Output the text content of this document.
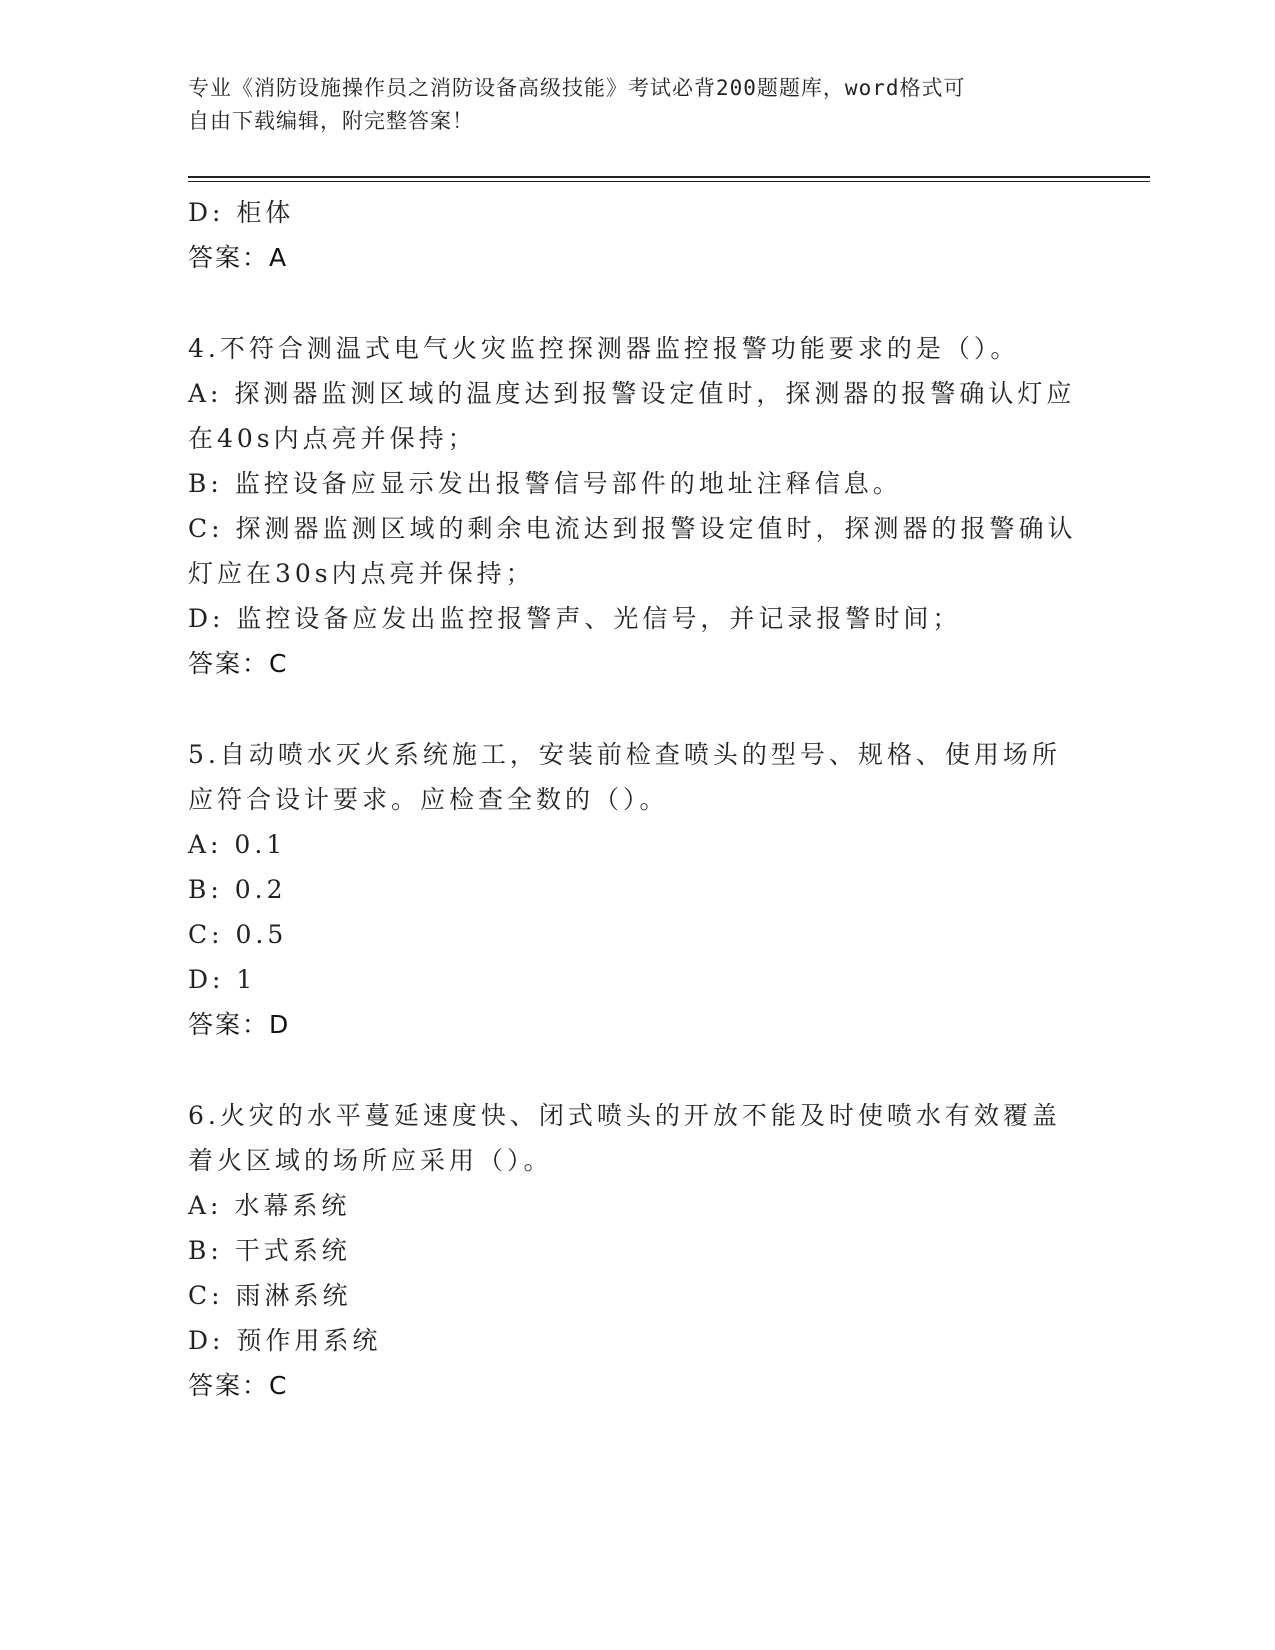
专业《消防设施操作员之消防设备高级技能》考试必背200题题库，word格式可
自由下载编辑，附完整答案！
D: 柜体
答案：A
4.不符合测温式电气火灾监控探测器监控报警功能要求的是（）。
A: 探测器监测区域的温度达到报警设定值时，探测器的报警确认灯应
在40s内点亮并保持；
B: 监控设备应显示发出报警信号部件的地址注释信息。
C: 探测器监测区域的剩余电流达到报警设定值时，探测器的报警确认
灯应在30s内点亮并保持；
D: 监控设备应发出监控报警声、光信号，并记录报警时间；
答案：C
5.自动喷水灭火系统施工，安装前检查喷头的型号、规格、使用场所
应符合设计要求。应检查全数的（）。
A: 0.1
B: 0.2
C: 0.5
D: 1
答案：D
6.火灾的水平蔓延速度快、闭式喷头的开放不能及时使喷水有效覆盖
着火区域的场所应采用（）。
A: 水幕系统
B: 干式系统
C: 雨淋系统
D: 预作用系统
答案：C
